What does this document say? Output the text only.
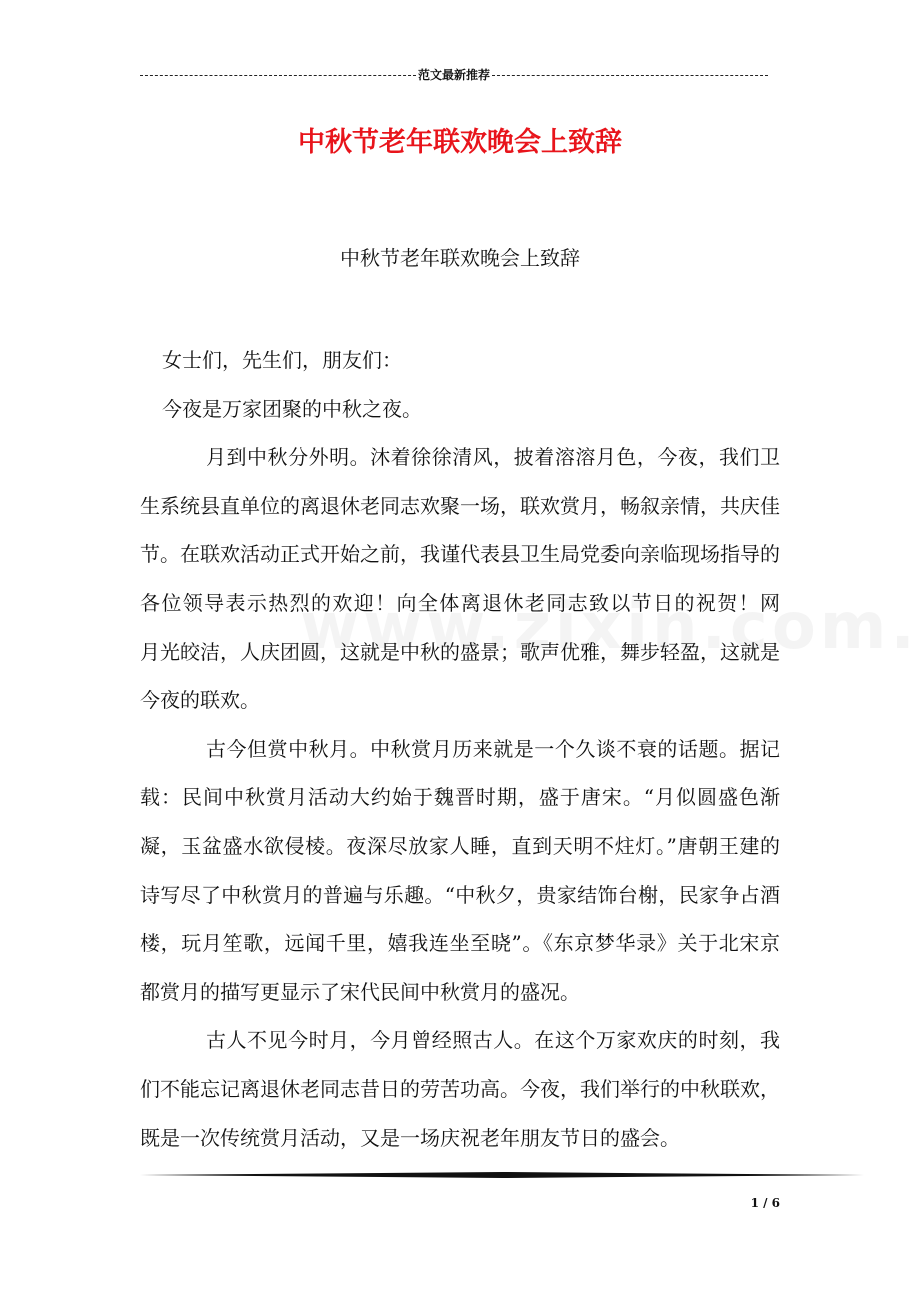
范文最新推荐
中秋节老年联欢晚会上致辞
中秋节老年联欢晚会上致辞

女士们，先生们，朋友们：

今夜是万家团聚的中秋之夜。

月到中秋分外明。沐着徐徐清风，披着溶溶月色，今夜，我们卫生系统县直单位的离退休老同志欢聚一场，联欢赏月，畅叙亲情，共庆佳节。在联欢活动正式开始之前，我谨代表县卫生局党委向亲临现场指导的各位领导表示热烈的欢迎！向全体离退休老同志致以节日的祝贺！网　　月光皎洁，人庆团圆，这就是中秋的盛景；歌声优雅，舞步轻盈，这就是今夜的联欢。

古今但赏中秋月。中秋赏月历来就是一个久谈不衰的话题。据记载：民间中秋赏月活动大约始于魏晋时期，盛于唐宋。“月似圆盛色渐凝，玉盆盛水欲侵棱。夜深尽放家人睡，直到天明不炷灯。”唐朝王建的诗写尽了中秋赏月的普遍与乐趣。“中秋夕，贵家结饰台榭，民家争占酒楼，玩月笙歌，远闻千里，嬉我连坐至晓”。《东京梦华录》关于北宋京都赏月的描写更显示了宋代民间中秋赏月的盛况。

古人不见今时月，今月曾经照古人。在这个万家欢庆的时刻，我们不能忘记离退休老同志昔日的劳苦功高。今夜，我们举行的中秋联欢，既是一次传统赏月活动，又是一场庆祝老年朋友节日的盛会。

1 / 6
